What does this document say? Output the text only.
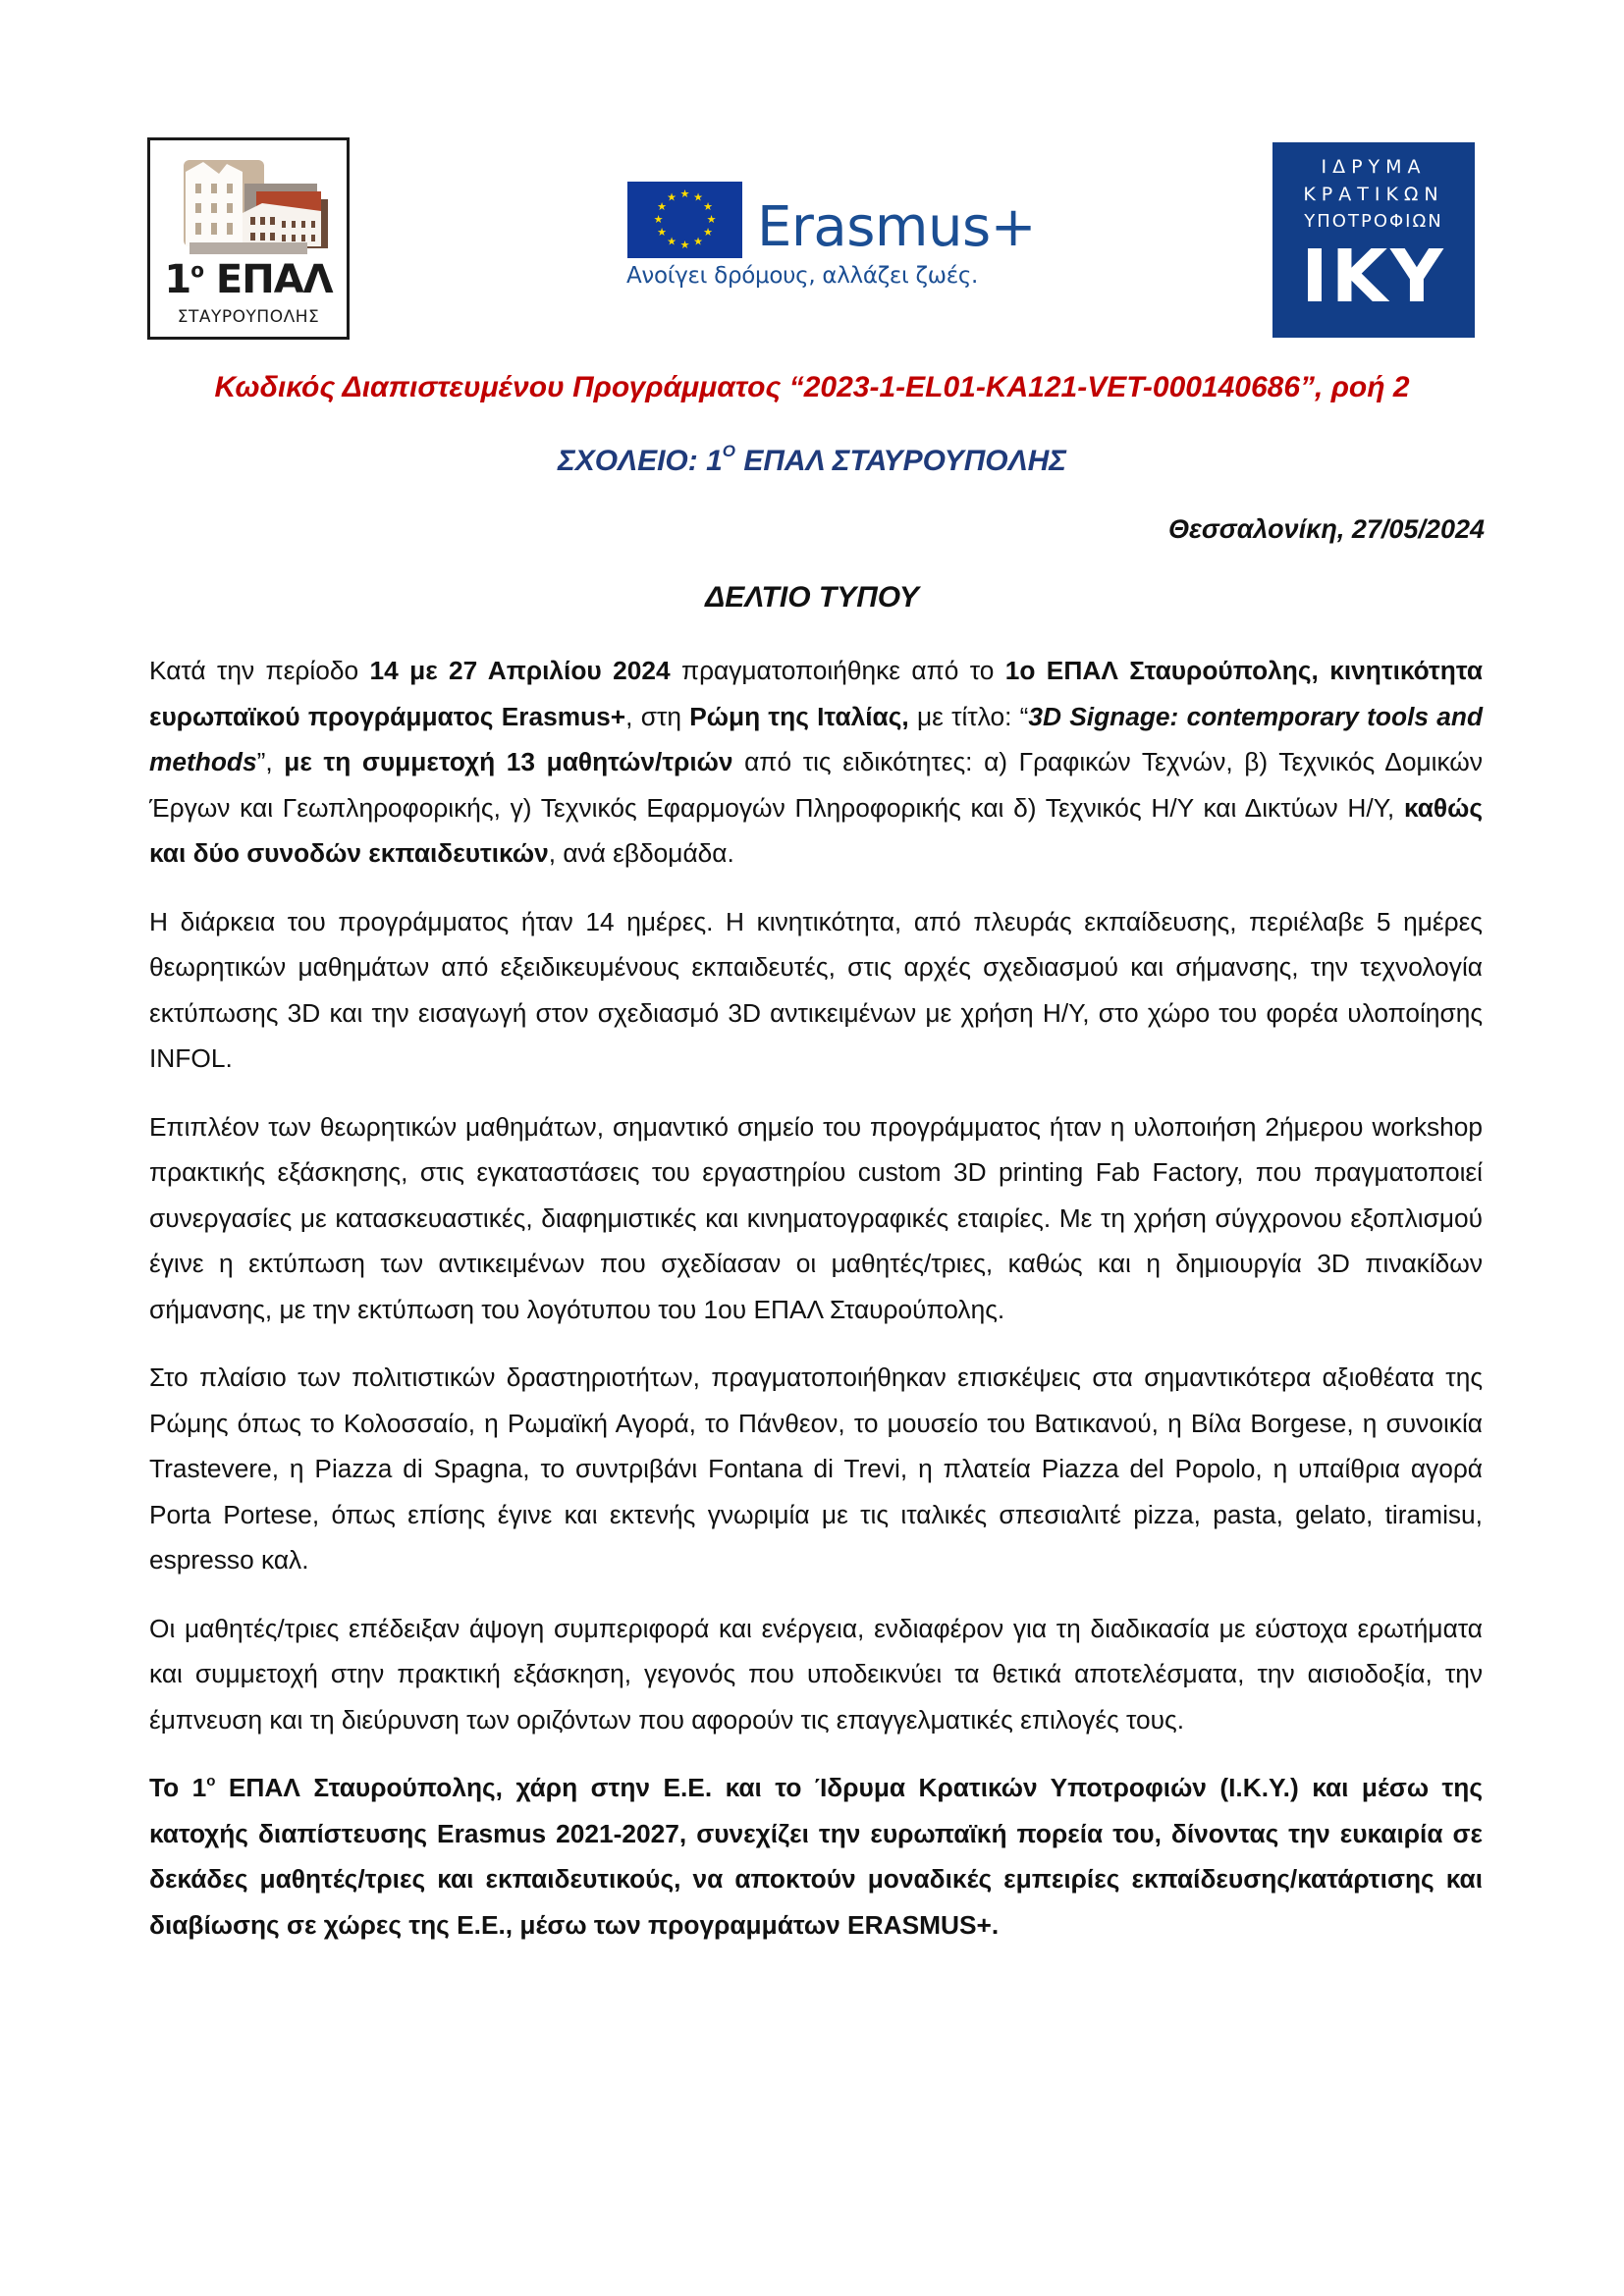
$1^o$ ΕΠΑΛ
ΣΤΑΥΡΟΥΠΟΛΗΣ
★ ★
★
★
★
★
★
★
★
★
★
★ Erasmus+
Ανοίγει δρόμους, αλλάζει ζωές.
ΙΔΡΥΜΑ
ΚΡΑΤΙΚΩΝ
ΥΠΟΤΡΟΦΙΩΝ
ΙΚΥ
Κωδικός Διαπιστευμένου Προγράμματος “2023-1-EL01-KA121-VET-000140686”, ροή 2
ΣΧΟΛΕΙΟ: $1^O$ ΕΠΑΛ ΣΤΑΥΡΟΥΠΟΛΗΣ
Θεσσαλονίκη, 27/05/2024
ΔΕΛΤΙΟ ΤΥΠΟΥ

Κατά την περίοδο 14 με 27 Απριλίου 2024 πραγματοποιήθηκε από το 1ο ΕΠΑΛ Σταυρούπολης, κινητικότητα ευρωπαϊκού προγράμματος Erasmus+, στη Ρώμη της Ιταλίας, με τίτλο: “3D Signage: contemporary tools and methods”, με τη συμμετοχή 13 μαθητών/τριών από τις ειδικότητες: α) Γραφικών Τεχνών, β) Τεχνικός Δομικών Έργων και Γεωπληροφορικής, γ) Τεχνικός Εφαρμογών Πληροφορικής και δ) Τεχνικός Η/Υ και Δικτύων Η/Υ, καθώς και δύο συνοδών εκπαιδευτικών, ανά εβδομάδα.

Η διάρκεια του προγράμματος ήταν 14 ημέρες. Η κινητικότητα, από πλευράς εκπαίδευσης, περιέλαβε 5 ημέρες θεωρητικών μαθημάτων από εξειδικευμένους εκπαιδευτές, στις αρχές σχεδιασμού και σήμανσης, την τεχνολογία εκτύπωσης 3D και την εισαγωγή στον σχεδιασμό 3D αντικειμένων με χρήση Η/Υ, στο χώρο του φορέα υλοποίησης INFOL.

Επιπλέον των θεωρητικών μαθημάτων, σημαντικό σημείο του προγράμματος ήταν η υλοποιήση 2ήμερου workshop πρακτικής εξάσκησης, στις εγκαταστάσεις του εργαστηρίου custom 3D printing Fab Factory, που πραγματοποιεί συνεργασίες με κατασκευαστικές, διαφημιστικές και κινηματογραφικές εταιρίες. Με τη χρήση σύγχρονου εξοπλισμού έγινε η εκτύπωση των αντικειμένων που σχεδίασαν οι μαθητές/τριες, καθώς και η δημιουργία 3D πινακίδων σήμανσης, με την εκτύπωση του λογότυπου του 1ου ΕΠΑΛ Σταυρούπολης.

Στο πλαίσιο των πολιτιστικών δραστηριοτήτων, πραγματοποιήθηκαν επισκέψεις στα σημαντικότερα αξιοθέατα της Ρώμης όπως το Κολοσσαίο, η Ρωμαϊκή Αγορά, το Πάνθεον, το μουσείο του Βατικανού, η Βίλα Borgese, η συνοικία Trastevere, η Piazza di Spagna, το συντριβάνι Fontana di Trevi, η πλατεία Piazza del Popolo, η υπαίθρια αγορά Porta Portese, όπως επίσης έγινε και εκτενής γνωριμία με τις ιταλικές σπεσιαλιτέ pizza, pasta, gelato, tiramisu, espresso καλ.

Οι μαθητές/τριες επέδειξαν άψογη συμπεριφορά και ενέργεια, ενδιαφέρον για τη διαδικασία με εύστοχα ερωτήματα και συμμετοχή στην πρακτική εξάσκηση, γεγονός που υποδεικνύει τα θετικά αποτελέσματα, την αισιοδοξία, την έμπνευση και τη διεύρυνση των οριζόντων που αφορούν τις επαγγελματικές επιλογές τους.

Το $1^o$ ΕΠΑΛ Σταυρούπολης, χάρη στην Ε.Ε. και το Ίδρυμα Κρατικών Υποτροφιών (Ι.Κ.Υ.) και μέσω της κατοχής διαπίστευσης Erasmus 2021-2027, συνεχίζει την ευρωπαϊκή πορεία του, δίνοντας την ευκαιρία σε δεκάδες μαθητές/τριες και εκπαιδευτικούς, να αποκτούν μοναδικές εμπειρίες εκπαίδευσης/κατάρτισης και διαβίωσης σε χώρες της Ε.Ε., μέσω των προγραμμάτων ERASMUS+.
